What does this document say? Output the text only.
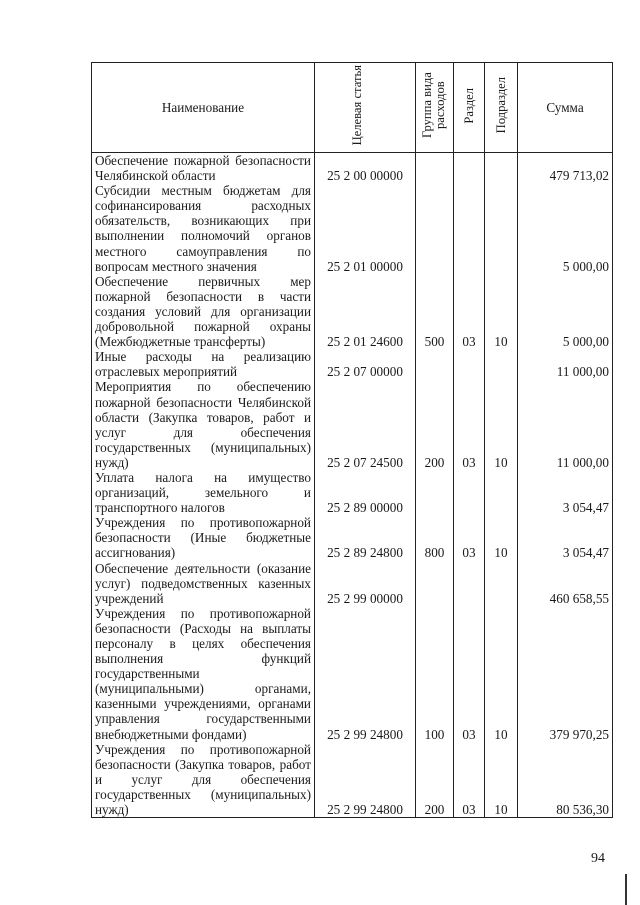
Наименование	Целевая статья	Группа вида расходов	Раздел	Подраздел	Сумма
Обеспечение пожарной безопасности Челябинской области	25 2 00 00000				479 713,02
Субсидии местным бюджетам для софинансирования расходных обязательств, возникающих при выполнении полномочий органов местного самоуправления по вопросам местного значения	25 2 01 00000				5 000,00
Обеспечение первичных мер пожарной безопасности в части создания условий для организации добровольной пожарной охраны (Межбюджетные трансферты)	25 2 01 24600	500	03	10	5 000,00
Иные расходы на реализацию отраслевых мероприятий	25 2 07 00000				11 000,00
Мероприятия по обеспечению пожарной безопасности Челябинской области (Закупка товаров, работ и услуг для обеспечения государственных (муниципальных) нужд)	25 2 07 24500	200	03	10	11 000,00
Уплата налога на имущество организаций, земельного и транспортного налогов	25 2 89 00000				3 054,47
Учреждения по противопожарной безопасности (Иные бюджетные ассигнования)	25 2 89 24800	800	03	10	3 054,47
Обеспечение деятельности (оказание услуг) подведомственных казенных учреждений	25 2 99 00000				460 658,55
Учреждения по противопожарной безопасности (Расходы на выплаты персоналу в целях обеспечения выполнения функций государственными (муниципальными) органами, казенными учреждениями, органами управления государственными внебюджетными фондами)	25 2 99 24800	100	03	10	379 970,25
Учреждения по противопожарной безопасности (Закупка товаров, работ и услуг для обеспечения государственных (муниципальных) нужд)	25 2 99 24800	200	03	10	80 536,30
94
